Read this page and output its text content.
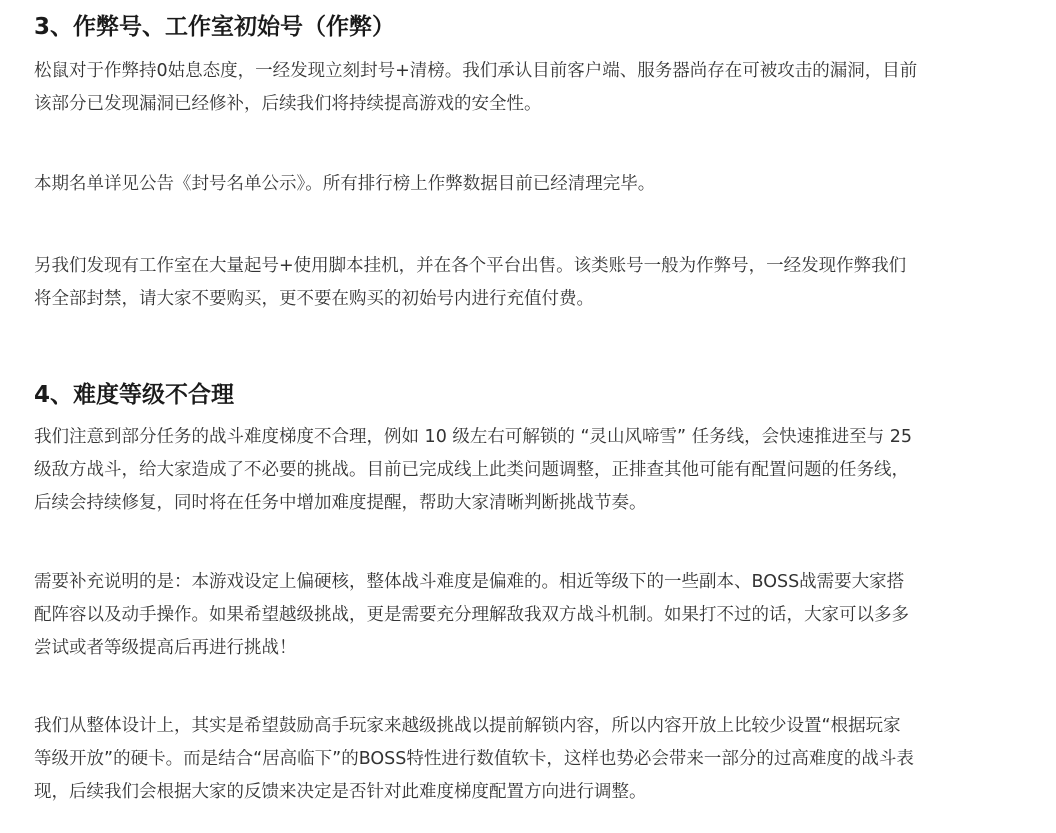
3、作弊号、工作室初始号（作弊）

松鼠对于作弊持0姑息态度，一经发现立刻封号+清榜。我们承认目前客户端、服务器尚存在可被攻击的漏洞，目前
该部分已发现漏洞已经修补，后续我们将持续提高游戏的安全性。

本期名单详见公告《封号名单公示》。所有排行榜上作弊数据目前已经清理完毕。

另我们发现有工作室在大量起号+使用脚本挂机，并在各个平台出售。该类账号一般为作弊号，一经发现作弊我们
将全部封禁，请大家不要购买，更不要在购买的初始号内进行充值付费。

4、难度等级不合理

我们注意到部分任务的战斗难度梯度不合理，例如 10 级左右可解锁的 “灵山风啼雪” 任务线，会快速推进至与 25
级敌方战斗，给大家造成了不必要的挑战。目前已完成线上此类问题调整，正排查其他可能有配置问题的任务线，
后续会持续修复，同时将在任务中增加难度提醒，帮助大家清晰判断挑战节奏。

需要补充说明的是：本游戏设定上偏硬核，整体战斗难度是偏难的。相近等级下的一些副本、BOSS战需要大家搭
配阵容以及动手操作。如果希望越级挑战，更是需要充分理解敌我双方战斗机制。如果打不过的话，大家可以多多
尝试或者等级提高后再进行挑战！

我们从整体设计上，其实是希望鼓励高手玩家来越级挑战以提前解锁内容，所以内容开放上比较少设置“根据玩家
等级开放”的硬卡。而是结合“居高临下”的BOSS特性进行数值软卡，这样也势必会带来一部分的过高难度的战斗表
现，后续我们会根据大家的反馈来决定是否针对此难度梯度配置方向进行调整。
